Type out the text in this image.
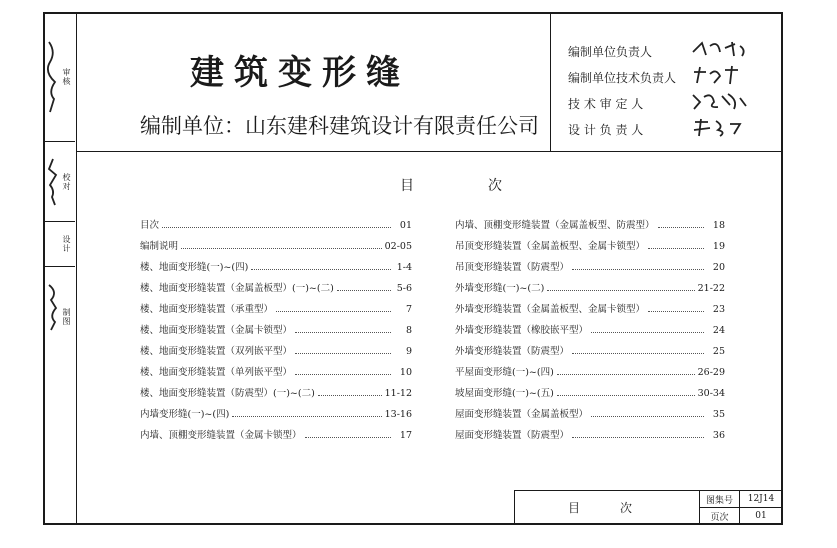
审核
校对
设计
制图
建筑变形缝
编制单位：山东建科建筑设计有限责任公司
编制单位负责人
编制单位技术负责人
技 术 审 定 人
设 计 负 责 人
目　次
目次	01
编制说明	02-05
楼、地面变形缝(一)~(四)	1-4
楼、地面变形缝装置（金属盖板型）(一)~(二)	5-6
楼、地面变形缝装置（承重型）	7
楼、地面变形缝装置（金属卡锁型）	8
楼、地面变形缝装置（双列嵌平型）	9
楼、地面变形缝装置（单列嵌平型）	10
楼、地面变形缝装置（防震型）(一)~(二)	11-12
内墙变形缝(一)~(四)	13-16
内墙、顶棚变形缝装置（金属卡锁型）	17
内墙、顶棚变形缝装置（金属盖板型、防震型）	18
吊顶变形缝装置（金属盖板型、金属卡锁型）	19
吊顶变形缝装置（防震型）	20
外墙变形缝(一)~(二)	21-22
外墙变形缝装置（金属盖板型、金属卡锁型）	23
外墙变形缝装置（橡胶嵌平型）	24
外墙变形缝装置（防震型）	25
平屋面变形缝(一)~(四)	26-29
坡屋面变形缝(一)~(五)	30-34
屋面变形缝装置（金属盖板型）	35
屋面变形缝装置（防震型）	36
目　次
图集号	12J14
页次	01
